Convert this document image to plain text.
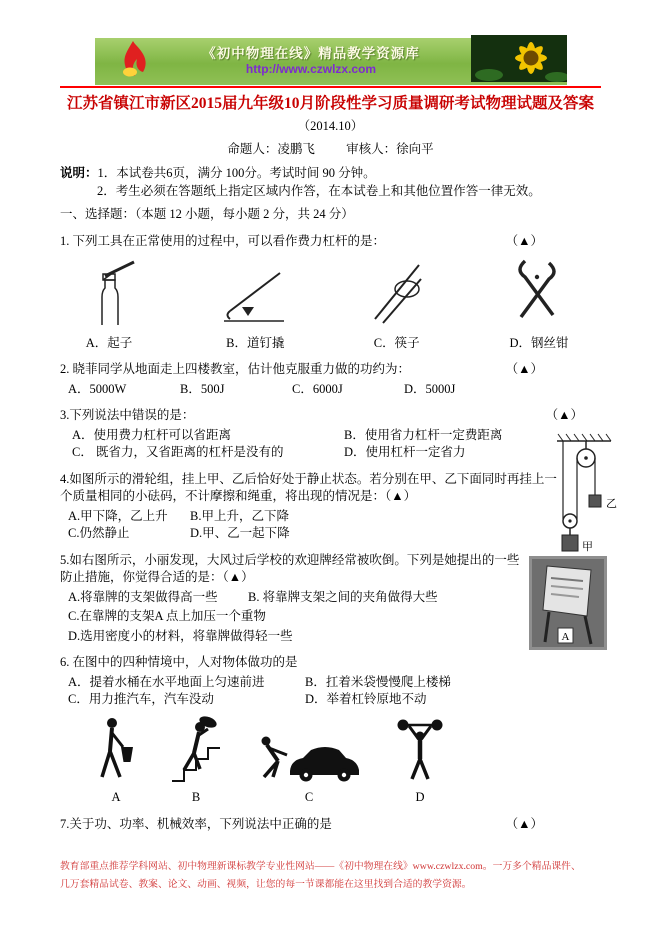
《初中物理在线》精品教学资源库
http://www.czwlzx.com
江苏省镇江市新区2015届九年级10月阶段性学习质量调研考试物理试题及答案
（2014.10）
命题人：凌鹏飞 审核人：徐向平
说明：1．本试卷共6页，满分 100分。考试时间 90 分钟。
2．考生必须在答题纸上指定区域内作答，在本试卷上和其他位置作答一律无效。
一、选择题：（本题 12 小题，每小题 2 分，共 24 分）
1. 下列工具在正常使用的过程中，可以看作费力杠杆的是：	（▲）
A．起子	B．道钉撬	C．筷子	D．钢丝钳
2. 晓菲同学从地面走上四楼教室，估计他克服重力做的功约为：	（▲）
A．5000W	B．500J	C．6000J	D．5000J
乙
甲
3.下列说法中错误的是：	（▲）
A．使用费力杠杆可以省距离	B．使用省力杠杆一定费距离
C． 既省力，又省距离的杠杆是没有的	D．使用杠杆一定省力
4.如图所示的滑轮组，挂上甲、乙后恰好处于静止状态。若分别在甲、乙下面同时再挂上一个质量相同的小砝码，不计摩擦和绳重，将出现的情况是：（▲）
A.甲下降，乙上升	B.甲上升，乙下降
C.仍然静止	D.甲、乙一起下降
A
5.如右图所示，小丽发现，大风过后学校的欢迎牌经常被吹倒。下列是她提出的一些防止措施，你觉得合适的是：（▲）
A.将靠牌的支架做得高一些	B. 将靠牌支架之间的夹角做得大些
C.在靠牌的支架A 点上加压一个重物
D.选用密度小的材料，将靠牌做得轻一些
6. 在图中的四种情境中，人对物体做功的是
A．提着水桶在水平地面上匀速前进	B．扛着米袋慢慢爬上楼梯
C．用力推汽车，汽车没动	D．举着杠铃原地不动
A	B	C	D
7.关于功、功率、机械效率，下列说法中正确的是	（▲）
教育部重点推荐学科网站、初中物理新课标教学专业性网站——《初中物理在线》www.czwlzx.com。一万多个精品课件、
几万套精品试卷、教案、论文、动画、视频，让您的每一节课都能在这里找到合适的教学资源。
